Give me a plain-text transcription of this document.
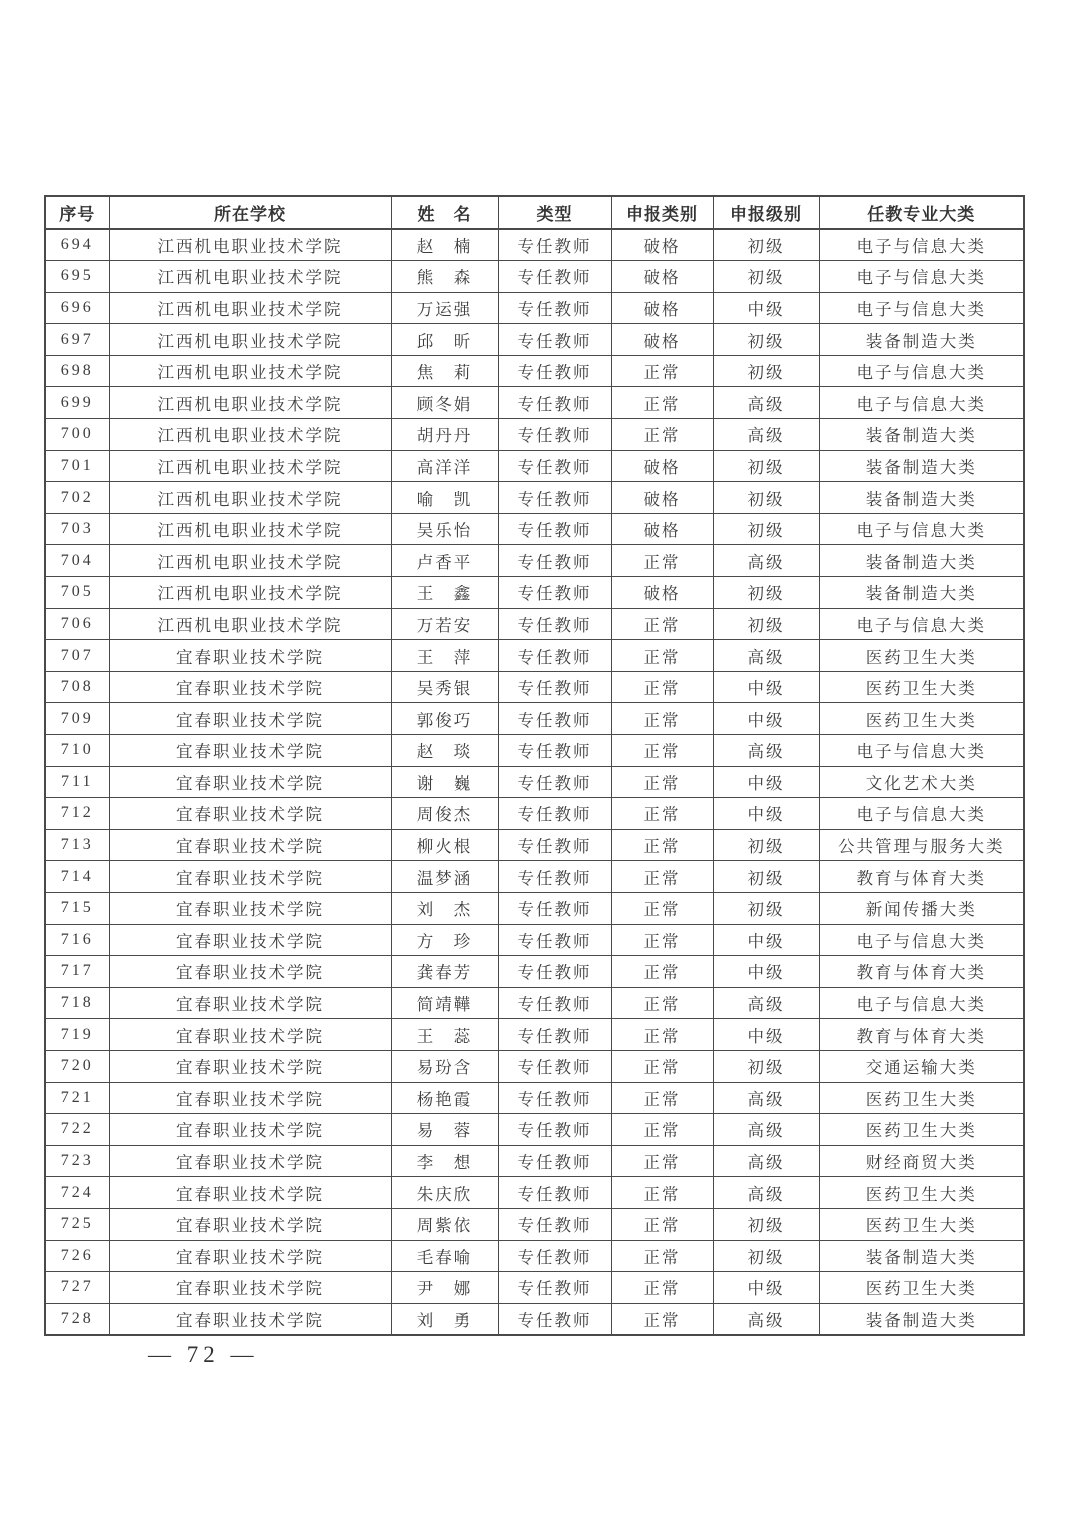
序号	所在学校	姓　名	类型	申报类别	申报级别	任教专业大类
694	江西机电职业技术学院	赵　楠	专任教师	破格	初级	电子与信息大类
695	江西机电职业技术学院	熊　森	专任教师	破格	初级	电子与信息大类
696	江西机电职业技术学院	万运强	专任教师	破格	中级	电子与信息大类
697	江西机电职业技术学院	邱　昕	专任教师	破格	初级	装备制造大类
698	江西机电职业技术学院	焦　莉	专任教师	正常	初级	电子与信息大类
699	江西机电职业技术学院	顾冬娟	专任教师	正常	高级	电子与信息大类
700	江西机电职业技术学院	胡丹丹	专任教师	正常	高级	装备制造大类
701	江西机电职业技术学院	高洋洋	专任教师	破格	初级	装备制造大类
702	江西机电职业技术学院	喻　凯	专任教师	破格	初级	装备制造大类
703	江西机电职业技术学院	吴乐怡	专任教师	破格	初级	电子与信息大类
704	江西机电职业技术学院	卢香平	专任教师	正常	高级	装备制造大类
705	江西机电职业技术学院	王　鑫	专任教师	破格	初级	装备制造大类
706	江西机电职业技术学院	万若安	专任教师	正常	初级	电子与信息大类
707	宜春职业技术学院	王　萍	专任教师	正常	高级	医药卫生大类
708	宜春职业技术学院	吴秀银	专任教师	正常	中级	医药卫生大类
709	宜春职业技术学院	郭俊巧	专任教师	正常	中级	医药卫生大类
710	宜春职业技术学院	赵　琰	专任教师	正常	高级	电子与信息大类
711	宜春职业技术学院	谢　巍	专任教师	正常	中级	文化艺术大类
712	宜春职业技术学院	周俊杰	专任教师	正常	中级	电子与信息大类
713	宜春职业技术学院	柳火根	专任教师	正常	初级	公共管理与服务大类
714	宜春职业技术学院	温梦涵	专任教师	正常	初级	教育与体育大类
715	宜春职业技术学院	刘　杰	专任教师	正常	初级	新闻传播大类
716	宜春职业技术学院	方　珍	专任教师	正常	中级	电子与信息大类
717	宜春职业技术学院	龚春芳	专任教师	正常	中级	教育与体育大类
718	宜春职业技术学院	简靖鞾	专任教师	正常	高级	电子与信息大类
719	宜春职业技术学院	王　蕊	专任教师	正常	中级	教育与体育大类
720	宜春职业技术学院	易玢含	专任教师	正常	初级	交通运输大类
721	宜春职业技术学院	杨艳霞	专任教师	正常	高级	医药卫生大类
722	宜春职业技术学院	易　蓉	专任教师	正常	高级	医药卫生大类
723	宜春职业技术学院	李　想	专任教师	正常	高级	财经商贸大类
724	宜春职业技术学院	朱庆欣	专任教师	正常	高级	医药卫生大类
725	宜春职业技术学院	周紫依	专任教师	正常	初级	医药卫生大类
726	宜春职业技术学院	毛春喻	专任教师	正常	初级	装备制造大类
727	宜春职业技术学院	尹　娜	专任教师	正常	中级	医药卫生大类
728	宜春职业技术学院	刘　勇	专任教师	正常	高级	装备制造大类
— 72 —
